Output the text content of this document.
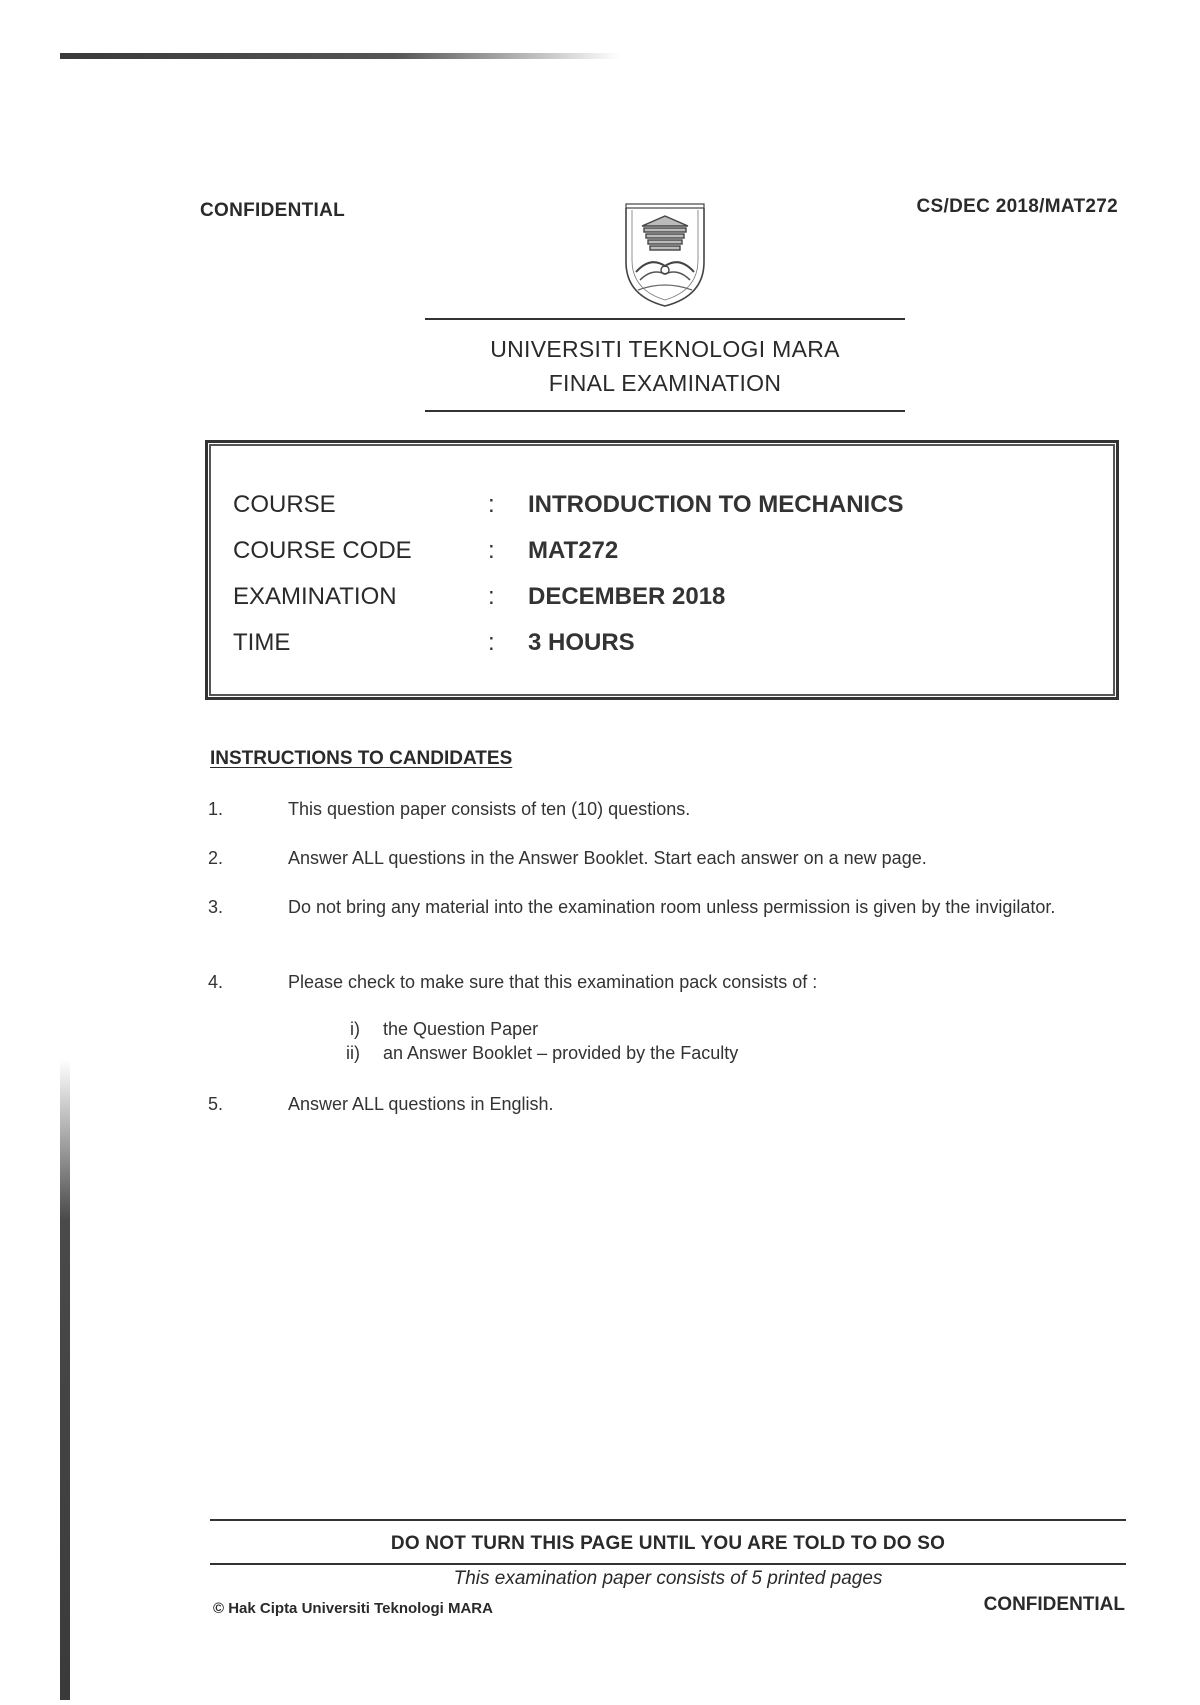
CONFIDENTIAL	CS/DEC 2018/MAT272
UNIVERSITI TEKNOLOGI MARA
FINAL EXAMINATION
COURSE	: INTRODUCTION TO MECHANICS
COURSE CODE	: MAT272
EXAMINATION	: DECEMBER 2018
TIME	: 3 HOURS
INSTRUCTIONS TO CANDIDATES
1.	This question paper consists of ten (10) questions.
2.	Answer ALL questions in the Answer Booklet. Start each answer on a new page.
3.	Do not bring any material into the examination room unless permission is given by the invigilator.
4.	Please check to make sure that this examination pack consists of :
i) the Question Paper
ii) an Answer Booklet – provided by the Faculty
5.	Answer ALL questions in English.
DO NOT TURN THIS PAGE UNTIL YOU ARE TOLD TO DO SO
This examination paper consists of 5 printed pages
© Hak Cipta Universiti Teknologi MARA	CONFIDENTIAL
